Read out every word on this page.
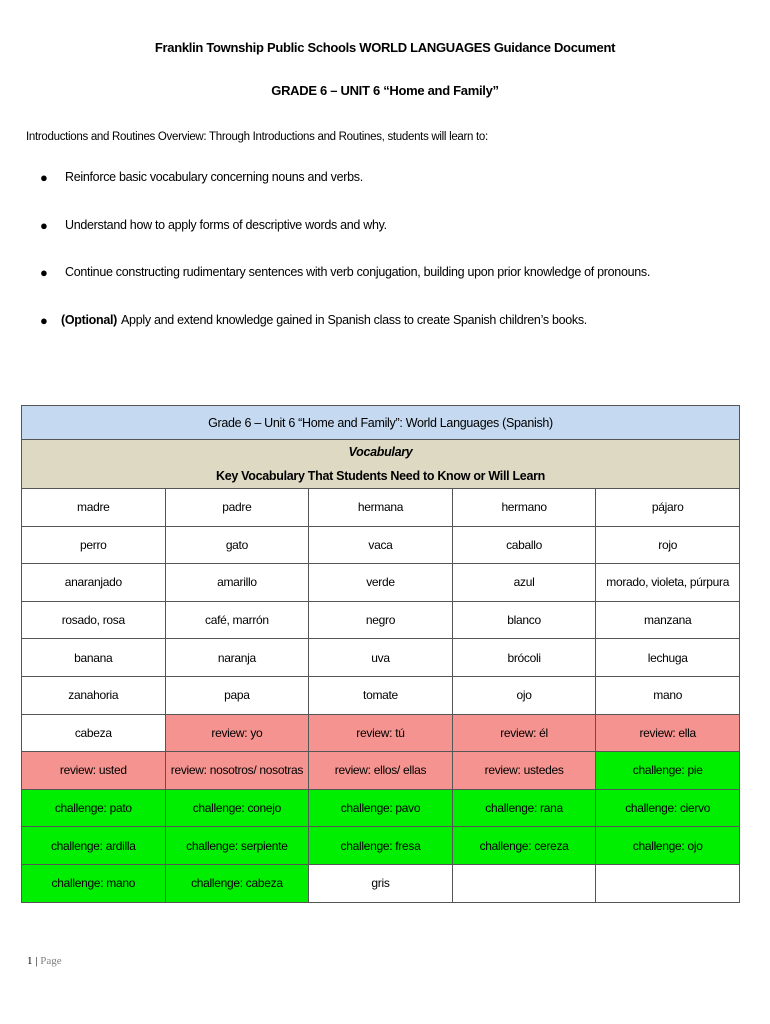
Franklin Township Public Schools WORLD LANGUAGES Guidance Document
GRADE 6 – UNIT 6 “Home and Family”
Introductions and Routines Overview: Through Introductions and Routines, students will learn to:
●	Reinforce basic vocabulary concerning nouns and verbs.
●	Understand how to apply forms of descriptive words and why.
●	Continue constructing rudimentary sentences with verb conjugation, building upon prior knowledge of pronouns.
●	(Optional) Apply and extend knowledge gained in Spanish class to create Spanish children’s books.
Grade 6 – Unit 6 “Home and Family”: World Languages (Spanish)				

Vocabulary
Key Vocabulary That Students Need to Know or Will Learn				

madre	padre	hermana	hermano	pájaro
perro	gato	vaca	caballo	rojo
anaranjado	amarillo	verde	azul	morado, violeta, púrpura
rosado, rosa	café, marrón	negro	blanco	manzana
banana	naranja	uva	brócoli	lechuga
zanahoria	papa	tomate	ojo	mano
cabeza	review: yo	review: tú	review: él	review: ella
review: usted	review: nosotros/ nosotras	review: ellos/ ellas	review: ustedes	challenge: pie
challenge: pato	challenge: conejo	challenge: pavo	challenge: rana	challenge: ciervo
challenge: ardilla	challenge: serpiente	challenge: fresa	challenge: cereza	challenge: ojo
challenge: mano	challenge: cabeza	gris		
1 | Page
